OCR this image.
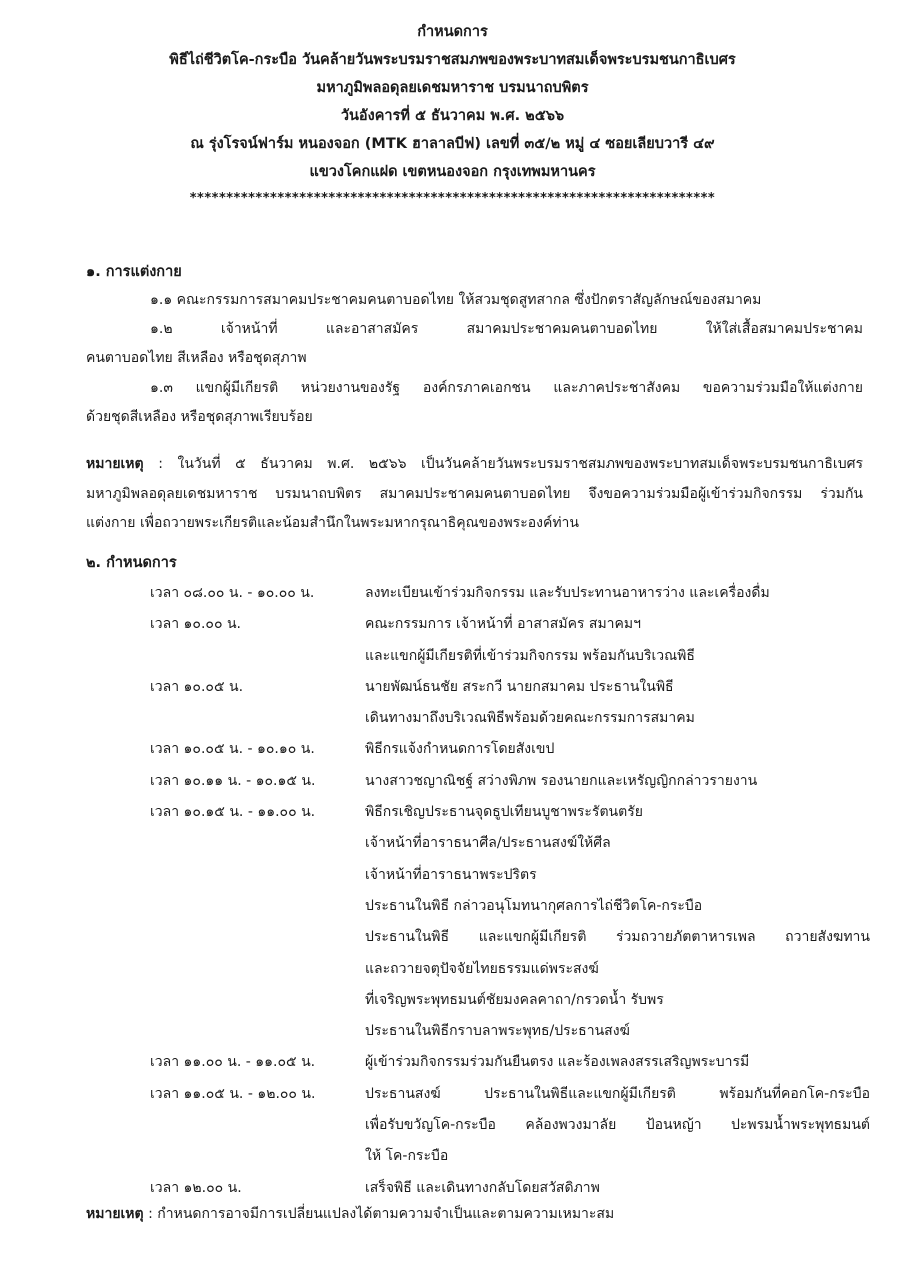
กำหนดการ
พิธีไถ่ชีวิตโค-กระบือ วันคล้ายวันพระบรมราชสมภพของพระบาทสมเด็จพระบรมชนกาธิเบศร
มหาภูมิพลอดุลยเดชมหาราช บรมนาถบพิตร
วันอังคารที่ ๕ ธันวาคม พ.ศ. ๒๕๖๖
ณ รุ่งโรจน์ฟาร์ม หนองจอก (MTK ฮาลาลบีฟ) เลขที่ ๓๕/๒ หมู่ ๔ ซอยเลียบวารี ๔๙
แขวงโคกแฝด เขตหนองจอก กรุงเทพมหานคร
************************************************************************
๑. การแต่งกาย
๑.๑ คณะกรรมการสมาคมประชาคมคนตาบอดไทย ให้สวมชุดสูทสากล ซึ่งปักตราสัญลักษณ์ของสมาคม
๑.๒ เจ้าหน้าที่ และอาสาสมัคร สมาคมประชาคมคนตาบอดไทย ให้ใส่เสื้อสมาคมประชาคม
คนตาบอดไทย สีเหลือง หรือชุดสุภาพ
๑.๓ แขกผู้มีเกียรติ หน่วยงานของรัฐ องค์กรภาคเอกชน และภาคประชาสังคม ขอความร่วมมือให้แต่งกาย
ด้วยชุดสีเหลือง หรือชุดสุภาพเรียบร้อย
หมายเหตุ : ในวันที่ ๕ ธันวาคม พ.ศ. ๒๕๖๖ เป็นวันคล้ายวันพระบรมราชสมภพของพระบาทสมเด็จพระบรมชนกาธิเบศร
มหาภูมิพลอดุลยเดชมหาราช บรมนาถบพิตร สมาคมประชาคมคนตาบอดไทย จึงขอความร่วมมือผู้เข้าร่วมกิจกรรม ร่วมกัน
แต่งกาย เพื่อถวายพระเกียรติและน้อมสำนึกในพระมหากรุณาธิคุณของพระองค์ท่าน
๒. กำหนดการ
เวลา ๐๘.๐๐ น. - ๑๐.๐๐ น.	ลงทะเบียนเข้าร่วมกิจกรรม และรับประทานอาหารว่าง และเครื่องดื่ม
เวลา ๑๐.๐๐ น.	คณะกรรมการ เจ้าหน้าที่ อาสาสมัคร สมาคมฯ
และแขกผู้มีเกียรติที่เข้าร่วมกิจกรรม พร้อมกันบริเวณพิธี
เวลา ๑๐.๐๕ น.	นายพัฒน์ธนชัย สระกวี นายกสมาคม ประธานในพิธี
เดินทางมาถึงบริเวณพิธีพร้อมด้วยคณะกรรมการสมาคม
เวลา ๑๐.๐๕ น. - ๑๐.๑๐ น.	พิธีกรแจ้งกำหนดการโดยสังเขป
เวลา ๑๐.๑๑ น. - ๑๐.๑๕ น.	นางสาวชญาณิชฐ์ สว่างพิภพ รองนายกและเหรัญญิกกล่าวรายงาน
เวลา ๑๐.๑๕ น. - ๑๑.๐๐ น.	พิธีกรเชิญประธานจุดธูปเทียนบูชาพระรัตนตรัย
เจ้าหน้าที่อาราธนาศีล/ประธานสงฆ์ให้ศีล
เจ้าหน้าที่อาราธนาพระปริตร
ประธานในพิธี กล่าวอนุโมทนากุศลการไถ่ชีวิตโค-กระบือ
ประธานในพิธี และแขกผู้มีเกียรติ ร่วมถวายภัตตาหารเพล ถวายสังฆทาน
และถวายจตุปัจจัยไทยธรรมแด่พระสงฆ์
ที่เจริญพระพุทธมนต์ชัยมงคลคาถา/กรวดน้ำ รับพร
ประธานในพิธีกราบลาพระพุทธ/ประธานสงฆ์
เวลา ๑๑.๐๐ น. - ๑๑.๐๕ น.	ผู้เข้าร่วมกิจกรรมร่วมกันยืนตรง และร้องเพลงสรรเสริญพระบารมี
เวลา ๑๑.๐๕ น. - ๑๒.๐๐ น.	ประธานสงฆ์ ประธานในพิธีและแขกผู้มีเกียรติ พร้อมกันที่คอกโค-กระบือ
เพื่อรับขวัญโค-กระบือ คล้องพวงมาลัย ป้อนหญ้า ปะพรมน้ำพระพุทธมนต์
ให้ โค-กระบือ
เวลา ๑๒.๐๐ น.	เสร็จพิธี และเดินทางกลับโดยสวัสดิภาพ
หมายเหตุ : กำหนดการอาจมีการเปลี่ยนแปลงได้ตามความจำเป็นและตามความเหมาะสม
